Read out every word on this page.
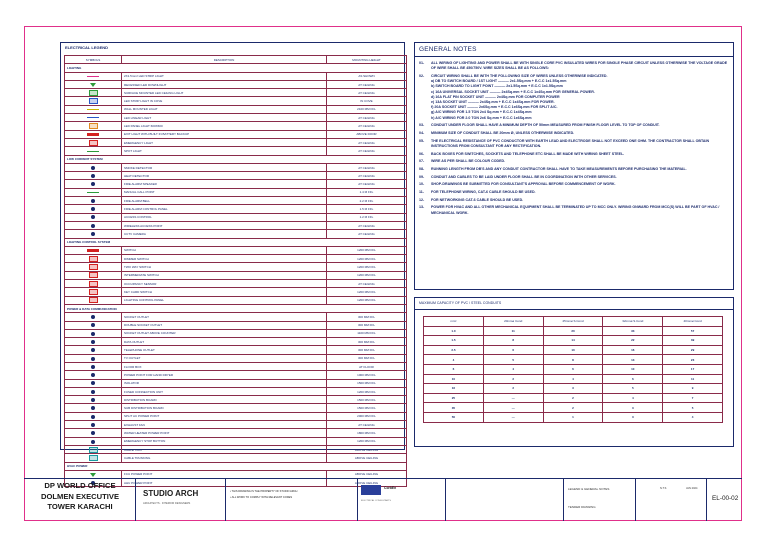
ELECTRICAL LEGEND
SYMBOLS	DESCRIPTION	MOUNTING HEIGHT
LIGHTING		
	2X1.5mm² LED STRIP LIGHT	AS SHOWN
	RECESSED LED DOWNLIGHT	AT CEILING
	SURFACE MOUNTED LED CEILING LIGHT	AT CEILING
	LED STRIP LIGHT IN COVE	IN COVE
	WALL MOUNTED LIGHT	2100 MM FFL
	LED LINEAR LIGHT	AT CEILING
	LED PANEL LIGHT 600X600	AT CEILING
	EXIT LIGHT WITH BUILT IN BATTERY BACKUP	ABOVE DOOR
	EMERGENCY LIGHT	AT CEILING
	SPOT LIGHT	AT CEILING
LOW CURRENT SYSTEM		
	SMOKE DETECTOR	AT CEILING
	HEAT DETECTOR	AT CEILING
	FIRE ALARM SPEAKER	AT CEILING
	MANUAL CALL POINT	1.4 M FFL
	FIRE ALARM BELL	2.2 M FFL
	FIRE ALARM CONTROL PANEL	1.5 M FFL
	ACCESS CONTROL	1.2 M FFL
	WIRELESS ACCESS POINT	AT CEILING
	CCTV CAMERA	AT CEILING
LIGHTING CONTROL SYSTEM		
	SWITCH	1200 MM FFL
	DIMMER SWITCH	1200 MM FFL
	TWO WAY SWITCH	1200 MM FFL
	INTERMEDIATE SWITCH	1200 MM FFL
	OCCUPANCY SENSOR	AT CEILING
	KEY CARD SWITCH	1200 MM FFL
	LIGHTING CONTROL PANEL	1200 MM FFL
POWER & DATA COMMUNICATION		
	SOCKET OUTLET	300 MM FFL
	DOUBLE SOCKET OUTLET	300 MM FFL
	SOCKET OUTLET ABOVE COUNTER	1100 MM FFL
	DATA OUTLET	300 MM FFL
	TELEPHONE OUTLET	300 MM FFL
	TV OUTLET	300 MM FFL
	FLOOR BOX	AT FLOOR
	POWER POINT FOR HAND DRYER	1000 MM FFL
	ISOLATOR	1500 MM FFL
	FUSED CONNECTION UNIT	1200 MM FFL
	DISTRIBUTION BOARD	1500 MM FFL
	SUB DISTRIBUTION BOARD	1500 MM FFL
	SPLIT AC POWER POINT	2000 MM FFL
	EXHAUST FAN	AT CEILING
	WATER HEATER POWER POINT	1800 MM FFL
	EMERGENCY STOP BUTTON	1200 MM FFL
	CABLE TRAY	ABOVE CEILING
	CABLE TRUNKING	ABOVE CEILING
HVAC POWER		
	FCU POWER POINT	ABOVE CEILING
	AHU POWER POINT	ABOVE CEILING
GENERAL NOTES
01-	ALL WIRING OF LIGHTING AND POWER SHALL BE WITH SINGLE CORE PVC INSULATED WIRES FOR SINGLE PHASE CIRCUIT UNLESS OTHERWISE THE VOLTAGE GRADE OF WIRE SHALL BE 450/750V. WIRE SIZES SHALL BE AS FOLLOWS:
02-	CIRCUIT WIRING SHALL BE WITH THE FOLLOWING SIZE OF WIRES UNLESS OTHERWISE INDICATED.
a) DB TO SWITCH BOARD / 1ST LIGHT ——— 2x1.5Sq.mm + E.C.C 1x1.5Sq.mm
b) SWITCH BOARD TO LIGHT POINT ——— 2x1.5Sq.mm + E.C.C 1x1.5Sq.mm
c) 16A UNIVERSAL SOCKET UNIT ——— 2x4Sq.mm + E.C.C 1x4Sq.mm FOR GENERAL POWER.
d) 16A FLAT PIN SOCKET UNIT ——— 2x4Sq.mm FOR COMPUTER POWER
e) 13A SOCKET UNIT ——— 2x4Sq.mm + E.C.C 1x4Sq.mm FOR POWER.
f) 20A SOCKET UNIT ——— 2x6Sq.mm + E.C.C 1x6Sq.mm FOR SPLIT A/C.
g) A/C WIRING FOR 1.5 TON 2x4 Sq.mm + E.C.C 1x4Sq.mm
h) A/C WIRING FOR 2.0 TON 2x6 Sq.mm + E.C.C 1x6Sq.mm
03-	CONDUIT UNDER FLOOR SHALL HAVE A MINIMUM DEPTH OF 50mm MEASURED FROM FINISH FLOOR LEVEL TO TOP OF CONDUIT.
04-	MINIMUM SIZE OF CONDUIT SHALL BE 20mm Ø, UNLESS OTHERWISE INDICATED.
05-	THE ELECTRICAL RESISTANCE OF PVC CONDUCTOR WITH EARTH LEAD AND ELECTRODE SHALL NOT EXCEED ONE OHM. THE CONTRACTOR SHALL OBTAIN INSTRUCTIONS FROM CONSULTANT FOR ANY RECTIFICATION.
06-	BACK BOXES FOR SWITCHES, SOCKETS AND TELEPHONE ETC SHALL BE MADE WITH WIRING SHEET STEEL.
07-	WIRE AS PER SHALL BE COLOUR CODED.
08-	RUNNING LENGTH FROM DB'S AND ANY CONDUIT CONTRACTOR SHALL HAVE TO TAKE MEASUREMENTS BEFORE PURCHASING THE MATERIAL.
09-	CONDUIT AND CABLES TO BE LAID UNDER FLOOR SHALL BE IN COORDINATION WITH OTHER SERVICES.
10-	SHOP-DRAWINGS BE SUBMITTED FOR CONSULTANT'S APPROVAL BEFORE COMMENCEMENT OF WORK.
11-	FOR TELEPHONE WIRING, CAT-6 CABLE SHOULD BE USED.
12-	FOR NETWORKING CAT-6 CABLE SHOULD BE USED.
13-	POWER FOR HVAC AND ALL OTHER MECHANICAL EQUIPMENT SHALL BE TERMINATED UP TO MCC ONLY. WIRING ONWARD FROM MCC(S) WILL BE PART OF HVAC / MECHANICAL WORK.
MAXIMUM CAPACITY OF PVC / STEEL CONDUITS
mm²	20mmø Cond	25mmø S.Cond	32mmø S.Cond	40mmø Cond
1.0	11	20	33	57
1.5	8	14	22	39
2.5	6	10	16	29
4	5	8	13	23
6	4	6	10	17
10	2	4	6	11
16	2	3	5	9
25	—	2	4	7
35	—	2	3	5
50	—	1	3	4
DP WORLD OFFICE
DOLMEN EXECUTIVE
TOWER KARACHI
STUDIO ARCH
ARCHITECTS · INTERIOR DESIGNERS
• THIS DRAWING IS THE PROPERTY OF STUDIO ARCH
• ALL WORK TO COMPLY WITH RELEVANT CODES
CorbEn
ELECTRICAL CONSULTANTS
LEGEND & GENERAL NOTES
TENDER DRAWING
N.T.S	JAN 2024
EL-00-02
